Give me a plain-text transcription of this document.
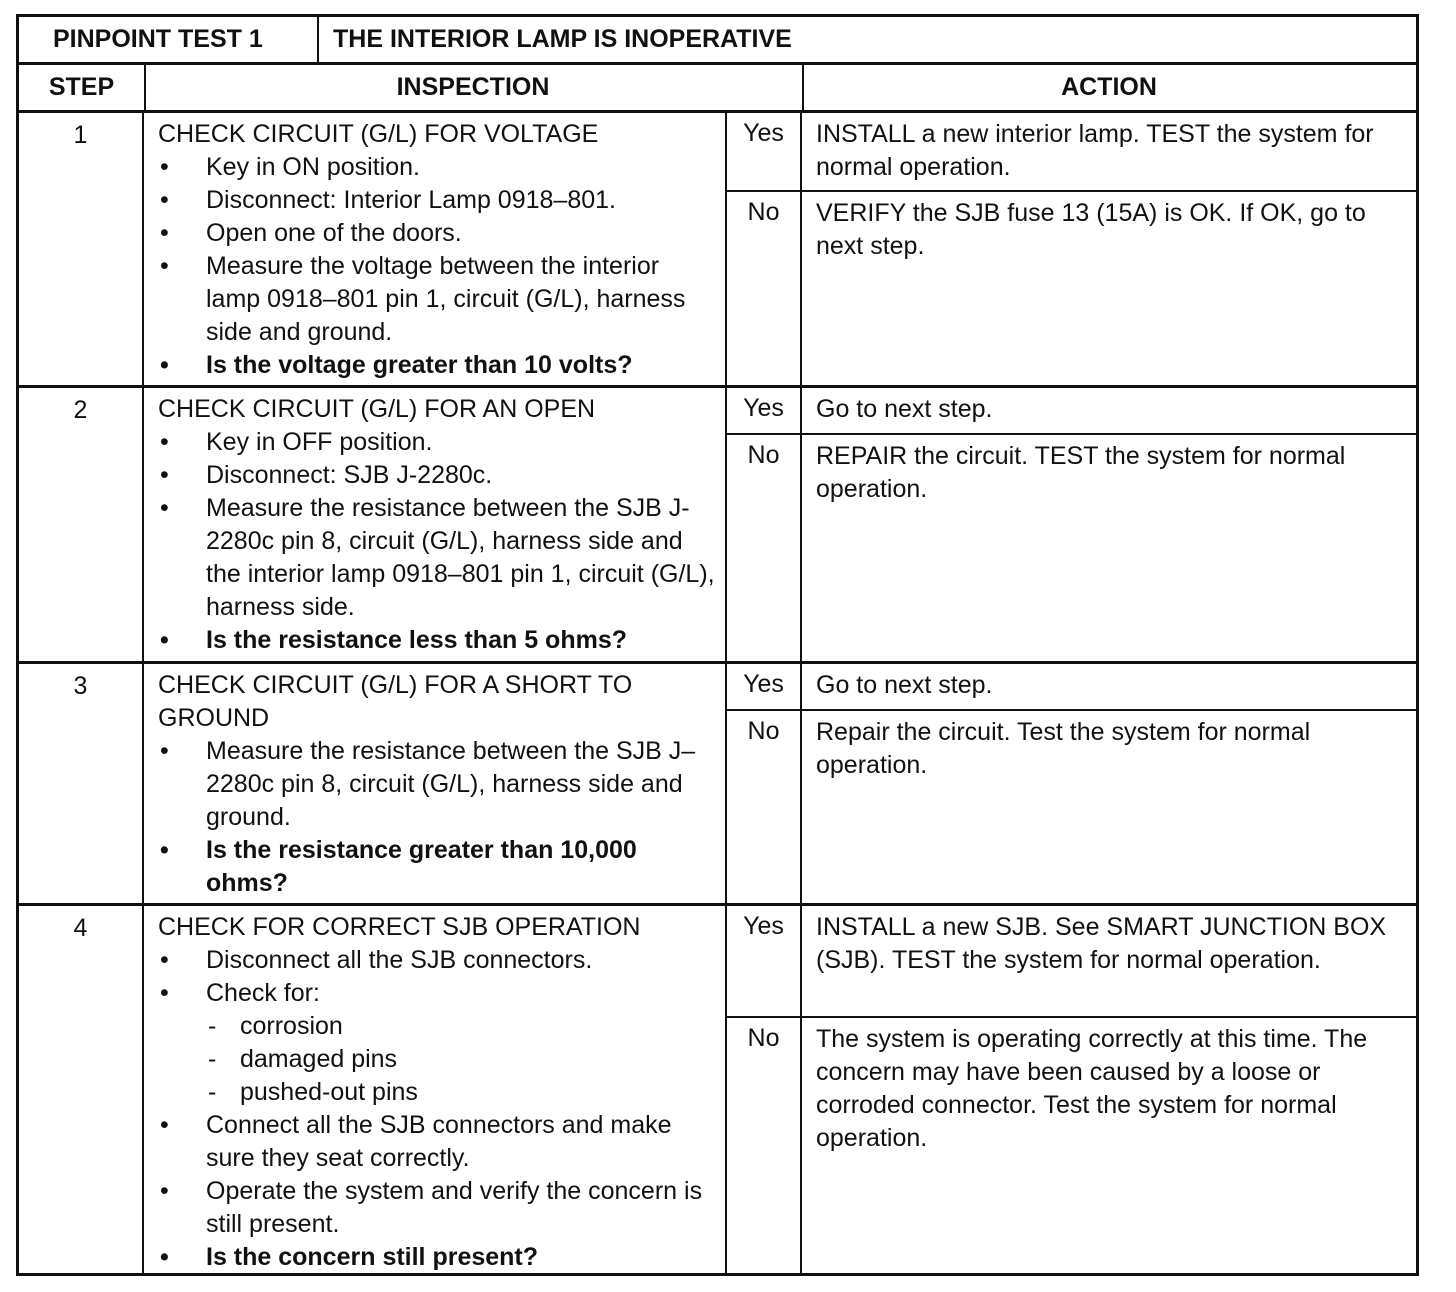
PINPOINT TEST 1	THE INTERIOR LAMP IS INOPERATIVE
STEP	INSPECTION	ACTION
1	CHECK CIRCUIT (G/L) FOR VOLTAGE
• Key in ON position.
• Disconnect: Interior Lamp 0918–801.
• Open one of the doors.
• Measure the voltage between the interior lamp 0918–801 pin 1, circuit (G/L), harness side and ground.
• Is the voltage greater than 10 volts?
Yes	INSTALL a new interior lamp. TEST the system for normal operation.
No	VERIFY the SJB fuse 13 (15A) is OK. If OK, go to next step.
2	CHECK CIRCUIT (G/L) FOR AN OPEN
• Key in OFF position.
• Disconnect: SJB J-2280c.
• Measure the resistance between the SJB J-2280c pin 8, circuit (G/L), harness side and the interior lamp 0918–801 pin 1, circuit (G/L), harness side.
• Is the resistance less than 5 ohms?
Yes	Go to next step.
No	REPAIR the circuit. TEST the system for normal operation.
3	CHECK CIRCUIT (G/L) FOR A SHORT TO GROUND
• Measure the resistance between the SJB J–2280c pin 8, circuit (G/L), harness side and ground.
• Is the resistance greater than 10,000 ohms?
Yes	Go to next step.
No	Repair the circuit. Test the system for normal operation.
4	CHECK FOR CORRECT SJB OPERATION
• Disconnect all the SJB connectors.
• Check for:
- corrosion
- damaged pins
- pushed-out pins
• Connect all the SJB connectors and make sure they seat correctly.
• Operate the system and verify the concern is still present.
• Is the concern still present?
Yes	INSTALL a new SJB. See SMART JUNCTION BOX (SJB). TEST the system for normal operation.
No	The system is operating correctly at this time. The concern may have been caused by a loose or corroded connector. Test the system for normal operation.
